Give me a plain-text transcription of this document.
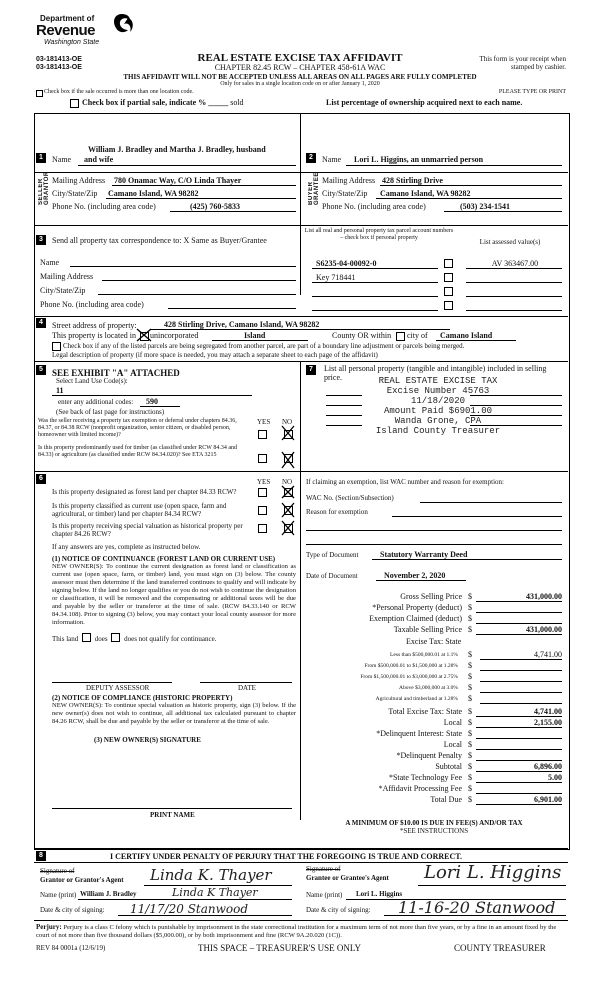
Department of
Revenue
Washington State
03-181413-OE
03-181413-OE
REAL ESTATE EXCISE TAX AFFIDAVIT
CHAPTER 82.45 RCW – CHAPTER 458-61A WAC
This form is your receipt when stamped by cashier.
THIS AFFIDAVIT WILL NOT BE ACCEPTED UNLESS ALL AREAS ON ALL PAGES ARE FULLY COMPLETED
Only for sales in a single location code on or after January 1, 2020
Check box if the sale occurred is more than one location code.	PLEASE TYPE OR PRINT
Check box if partial sale, indicate % _____ sold	List percentage of ownership acquired next to each name.
1
SELLER GRANTOR
Name
William J. Bradley and Martha J. Bradley, husband
and wife
Mailing Address 780 Onamac Way, C/O Linda Thayer
City/State/Zip Camano Island, WA 98282
Phone No. (including area code)	(425) 760-5833
2
BUYER GRANTEE
Name Lori L. Higgins, an unmarried person
Mailing Address 428 Stirling Drive
City/State/Zip Camano Island, WA 98282
Phone No. (including area code)	(503) 234-1541
3	Send all property tax correspondence to: X Same as Buyer/Grantee
Name
Mailing Address
City/State/Zip
Phone No. (including area code)
List all real and personal property tax parcel account numbers – check box if personal property	List assessed value(s)
S6235-04-00092-0	AV 363467.00
Key 718441
4	Street address of property:	428 Stirling Drive, Camano Island, WA 98282
This property is located in unincorporated	Island	County OR within city of Camano Island
Check box if any of the listed parcels are being segregated from another parcel, are part of a boundary line adjustment or parcels being merged.
Legal description of property (if more space is needed, you may attach a separate sheet to each page of the affidavit)
SEE EXHIBIT "A" ATTACHED
5
Select Land Use Code(s):
11
enter any additional codes: 590
(See back of last page for instructions)
YES NO
Was the seller receiving a property tax exemption or deferral under chapters 84.36, 84.37, or 84.38 RCW (nonprofit organization, senior citizen, or disabled person, homeowner with limited income)?
Is this property predominantly used for timber (as classified under RCW 84.34 and 84.33) or agriculture (as classified under RCW 84.34.020)? See ETA 3215
7	List all personal property (tangible and intangible) included in selling price.	REAL ESTATE EXCISE TAX
Excise Number 45763
11/18/2020
Amount Paid $6901.00
Wanda Grone, CPA
Island County Treasurer
6	YES NO
Is this property designated as forest land per chapter 84.33 RCW?
Is this property classified as current use (open space, farm and agricultural, or timber) land per chapter 84.34 RCW?
Is this property receiving special valuation as historical property per chapter 84.26 RCW?
If any answers are yes, complete as instructed below.
(1) NOTICE OF CONTINUANCE (FOREST LAND OR CURRENT USE)
NEW OWNER(S): To continue the current designation as forest land or classification as current use (open space, farm, or timber) land, you must sign on (3) below. The county assessor must then determine if the land transferred continues to qualify and will indicate by signing below. If the land no longer qualifies or you do not wish to continue the designation or classification, it will be removed and the compensating or additional taxes will be due and payable by the seller or transferor at the time of sale. (RCW 84.33.140 or RCW 84.34.108). Prior to signing (3) below, you may contact your local county assessor for more information.
This land does does not qualify for continuance.
DEPUTY ASSESSOR	DATE
(2) NOTICE OF COMPLIANCE (HISTORIC PROPERTY)
NEW OWNER(S): To continue special valuation as historic property, sign (3) below. If the new owner(s) does not wish to continue, all additional tax calculated pursuant to chapter 84.26 RCW, shall be due and payable by the seller or transferor at the time of sale.
(3) NEW OWNER(S) SIGNATURE
PRINT NAME
If claiming an exemption, list WAC number and reason for exemption:
WAC No. (Section/Subsection)
Reason for exemption
Type of Document	Statutory Warranty Deed
Date of Document	November 2, 2020
Gross Selling Price $	431,000.00
*Personal Property (deduct) $
Exemption Claimed (deduct) $
Taxable Selling Price $	431,000.00
Excise Tax: State
Less than $500,000.01 at 1.1% $	4,741.00
From $500,000.01 to $1,500,000 at 1.28% $
From $1,500,000.01 to $3,000,000 at 2.75% $
Above $3,000,000 at 3.0% $
Agricultural and timberland at 1.28% $
Total Excise Tax: State $	4,741.00
Local $	2,155.00
*Delinquent Interest: State $
Local $
*Delinquent Penalty $
Subtotal $	6,896.00
*State Technology Fee $	5.00
*Affidavit Processing Fee $
Total Due $	6,901.00
A MINIMUM OF $10.00 IS DUE IN FEE(S) AND/OR TAX
*SEE INSTRUCTIONS
8	I CERTIFY UNDER PENALTY OF PERJURY THAT THE FOREGOING IS TRUE AND CORRECT.
Signature of
Grantor or Grantor's Agent Linda K. Thayer	Signature of
Grantee or Grantee's Agent Lori L. Higgins
Name (print) William J. Bradley	Linda K Thayer	Name (print) Lori L. Higgins
Date & city of signing: 11/17/20 Stanwood	Date & city of signing: 11-16-20 Stanwood
Perjury: Perjury is a class C felony which is punishable by imprisonment in the state correctional institution for a maximum term of not more than five years, or by a fine in an amount fixed by the court of not more than five thousand dollars ($5,000.00), or by both imprisonment and fine (RCW 9A.20.020 (1C)).
REV 84 0001a (12/6/19)	THIS SPACE – TREASURER'S USE ONLY	COUNTY TREASURER
